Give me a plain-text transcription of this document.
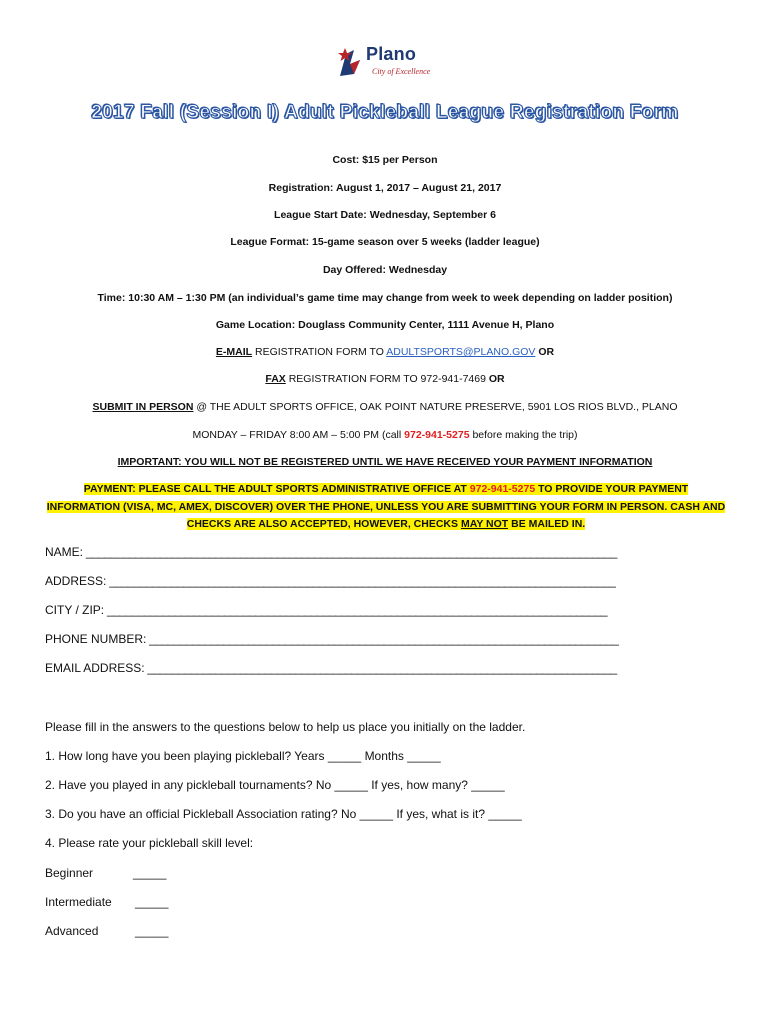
Plano
City of Excellence
2017 Fall (Session I) Adult Pickleball League Registration Form
Cost: $15 per Person
Registration: August 1, 2017 – August 21, 2017
League Start Date: Wednesday, September 6
League Format: 15-game season over 5 weeks (ladder league)
Day Offered: Wednesday
Time: 10:30 AM – 1:30 PM (an individual’s game time may change from week to week depending on ladder position)
Game Location: Douglass Community Center, 1111 Avenue H, Plano
E-MAIL REGISTRATION FORM TO ADULTSPORTS@PLANO.GOV OR
FAX REGISTRATION FORM TO 972-941-7469 OR
SUBMIT IN PERSON @ THE ADULT SPORTS OFFICE, OAK POINT NATURE PRESERVE, 5901 LOS RIOS BLVD., PLANO
MONDAY – FRIDAY 8:00 AM – 5:00 PM (call 972-941-5275 before making the trip)
IMPORTANT: YOU WILL NOT BE REGISTERED UNTIL WE HAVE RECEIVED YOUR PAYMENT INFORMATION
PAYMENT: PLEASE CALL THE ADULT SPORTS ADMINISTRATIVE OFFICE AT 972-941-5275 TO PROVIDE YOUR PAYMENT INFORMATION (VISA, MC, AMEX, DISCOVER) OVER THE PHONE, UNLESS YOU ARE SUBMITTING YOUR FORM IN PERSON. CASH AND CHECKS ARE ALSO ACCEPTED, HOWEVER, CHECKS MAY NOT BE MAILED IN.
NAME: ______________________________________________________________________________________
ADDRESS: __________________________________________________________________________________
CITY / ZIP: _________________________________________________________________________________
PHONE NUMBER: ____________________________________________________________________________
EMAIL ADDRESS: ____________________________________________________________________________
Please fill in the answers to the questions below to help us place you initially on the ladder.
1. How long have you been playing pickleball? Years _____ Months _____
2. Have you played in any pickleball tournaments? No _____ If yes, how many? _____
3. Do you have an official Pickleball Association rating? No _____ If yes, what is it? _____
4. Please rate your pickleball skill level:
Beginner	_____
Intermediate _____
Advanced	_____
